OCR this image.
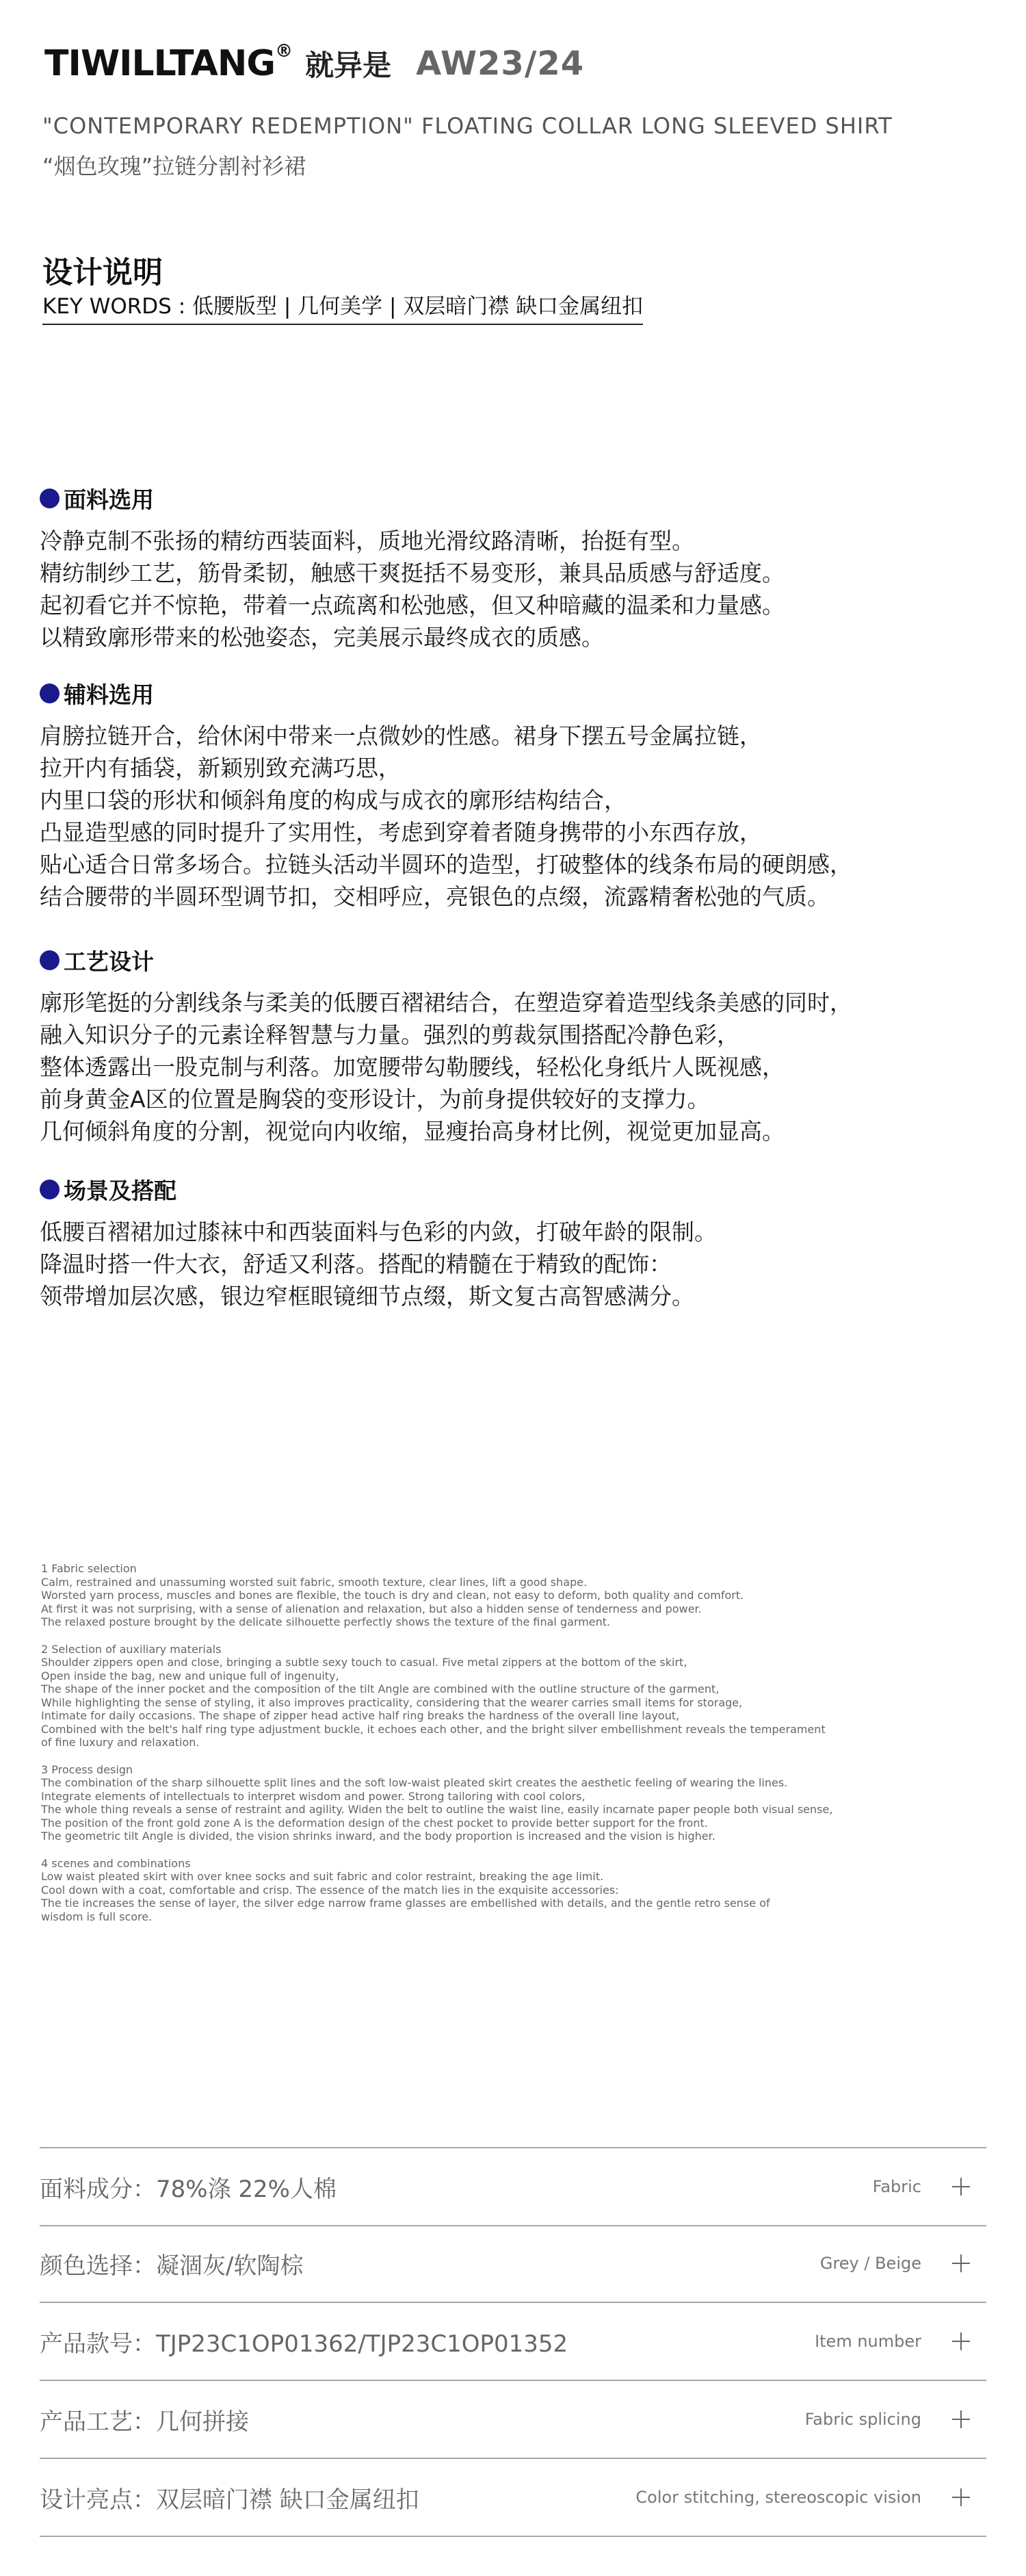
TIWILLTANG ® 就异是 AW23/24
"CONTEMPORARY REDEMPTION" FLOATING COLLAR LONG SLEEVED SHIRT
“烟色玫瑰”拉链分割衬衫裙
设计说明
KEY WORDS : 低腰版型 | 几何美学 | 双层暗门襟 缺口金属纽扣
面料选用
冷静克制不张扬的精纺西装面料，质地光滑纹路清晰，抬挺有型。
精纺制纱工艺，筋骨柔韧，触感干爽挺括不易变形，兼具品质感与舒适度。
起初看它并不惊艳，带着一点疏离和松弛感，但又种暗藏的温柔和力量感。
以精致廓形带来的松弛姿态，完美展示最终成衣的质感。
辅料选用
肩膀拉链开合，给休闲中带来一点微妙的性感。裙身下摆五号金属拉链，
拉开内有插袋，新颖别致充满巧思，
内里口袋的形状和倾斜角度的构成与成衣的廓形结构结合，
凸显造型感的同时提升了实用性，考虑到穿着者随身携带的小东西存放，
贴心适合日常多场合。拉链头活动半圆环的造型，打破整体的线条布局的硬朗感，
结合腰带的半圆环型调节扣，交相呼应，亮银色的点缀，流露精奢松弛的气质。
工艺设计
廓形笔挺的分割线条与柔美的低腰百褶裙结合，在塑造穿着造型线条美感的同时，
融入知识分子的元素诠释智慧与力量。强烈的剪裁氛围搭配冷静色彩，
整体透露出一股克制与利落。加宽腰带勾勒腰线，轻松化身纸片人既视感，
前身黄金A区的位置是胸袋的变形设计，为前身提供较好的支撑力。
几何倾斜角度的分割，视觉向内收缩，显瘦抬高身材比例，视觉更加显高。
场景及搭配
低腰百褶裙加过膝袜中和西装面料与色彩的内敛，打破年龄的限制。
降温时搭一件大衣，舒适又利落。搭配的精髓在于精致的配饰：
领带增加层次感，银边窄框眼镜细节点缀，斯文复古高智感满分。
1 Fabric selection
Calm, restrained and unassuming worsted suit fabric, smooth texture, clear lines, lift a good shape.
Worsted yarn process, muscles and bones are flexible, the touch is dry and clean, not easy to deform, both quality and comfort.
At first it was not surprising, with a sense of alienation and relaxation, but also a hidden sense of tenderness and power.
The relaxed posture brought by the delicate silhouette perfectly shows the texture of the final garment.
2 Selection of auxiliary materials
Shoulder zippers open and close, bringing a subtle sexy touch to casual. Five metal zippers at the bottom of the skirt,
Open inside the bag, new and unique full of ingenuity,
The shape of the inner pocket and the composition of the tilt Angle are combined with the outline structure of the garment,
While highlighting the sense of styling, it also improves practicality, considering that the wearer carries small items for storage,
Intimate for daily occasions. The shape of zipper head active half ring breaks the hardness of the overall line layout,
Combined with the belt's half ring type adjustment buckle, it echoes each other, and the bright silver embellishment reveals the temperament
of fine luxury and relaxation.
3 Process design
The combination of the sharp silhouette split lines and the soft low-waist pleated skirt creates the aesthetic feeling of wearing the lines.
Integrate elements of intellectuals to interpret wisdom and power. Strong tailoring with cool colors,
The whole thing reveals a sense of restraint and agility. Widen the belt to outline the waist line, easily incarnate paper people both visual sense,
The position of the front gold zone A is the deformation design of the chest pocket to provide better support for the front.
The geometric tilt Angle is divided, the vision shrinks inward, and the body proportion is increased and the vision is higher.
4 scenes and combinations
Low waist pleated skirt with over knee socks and suit fabric and color restraint, breaking the age limit.
Cool down with a coat, comfortable and crisp. The essence of the match lies in the exquisite accessories:
The tie increases the sense of layer, the silver edge narrow frame glasses are embellished with details, and the gentle retro sense of
wisdom is full score.
面料成分：78%涤 22%人棉	Fabric
颜色选择：凝涸灰/软陶棕	Grey / Beige
产品款号：TJP23C1OP01362/TJP23C1OP01352	Item number
产品工艺：几何拼接	Fabric splicing
设计亮点：双层暗门襟 缺口金属纽扣	Color stitching, stereoscopic vision
